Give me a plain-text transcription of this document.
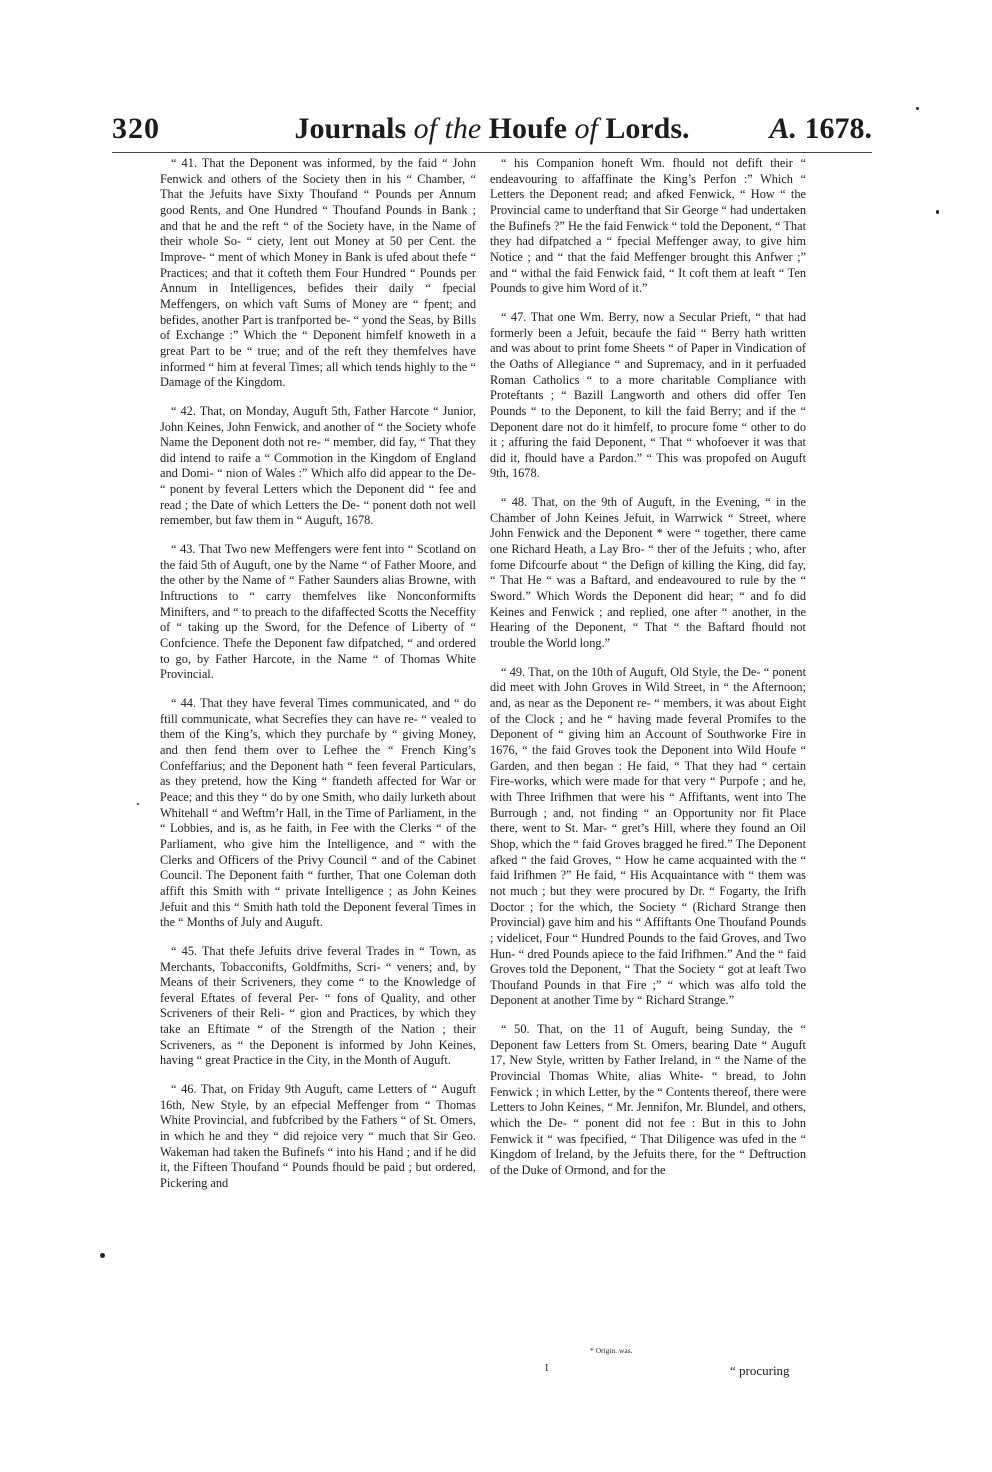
320	Journals of the Houfe of Lords.	A. 1678.

“ 41. That the Deponent was informed, by the faid “ John Fenwick and others of the Society then in his “ Chamber, “ That the Jefuits have Sixty Thoufand “ Pounds per Annum good Rents, and One Hundred “ Thoufand Pounds in Bank ; and that he and the reft “ of the Society have, in the Name of their whole So- “ ciety, lent out Money at 50 per Cent. the Improve- “ ment of which Money in Bank is ufed about thefe “ Practices; and that it cofteth them Four Hundred “ Pounds per Annum in Intelligences, befides their daily “ fpecial Meffengers, on which vaft Sums of Money are “ fpent; and befides, another Part is tranfported be- “ yond the Seas, by Bills of Exchange :” Which the “ Deponent himfelf knoweth in a great Part to be “ true; and of the reft they themfelves have informed “ him at feveral Times; all which tends highly to the “ Damage of the Kingdom.

“ 42. That, on Monday, Auguft 5th, Father Harcote “ Junior, John Keines, John Fenwick, and another of “ the Society whofe Name the Deponent doth not re- “ member, did fay, “ That they did intend to raife a “ Commotion in the Kingdom of England and Domi- “ nion of Wales :” Which alfo did appear to the De- “ ponent by feveral Letters which the Deponent did “ fee and read ; the Date of which Letters the De- “ ponent doth not well remember, but faw them in “ Auguft, 1678.

“ 43. That Two new Meffengers were fent into “ Scotland on the faid 5th of Auguft, one by the Name “ of Father Moore, and the other by the Name of “ Father Saunders alias Browne, with Inftructions to “ carry themfelves like Nonconformifts Minifters, and “ to preach to the difaffected Scotts the Neceffity of “ taking up the Sword, for the Defence of Liberty of “ Confcience. Thefe the Deponent faw difpatched, “ and ordered to go, by Father Harcote, in the Name “ of Thomas White Provincial.

“ 44. That they have feveral Times communicated, and “ do ftill communicate, what Secrefies they can have re- “ vealed to them of the King’s, which they purchafe by “ giving Money, and then fend them over to Lefhee the “ French King’s Confeffarius; and the Deponent hath “ feen feveral Particulars, as they pretend, how the King “ ftandeth affected for War or Peace; and this they “ do by one Smith, who daily lurketh about Whitehall “ and Weftm’r Hall, in the Time of Parliament, in the “ Lobbies, and is, as he faith, in Fee with the Clerks “ of the Parliament, who give him the Intelligence, and “ with the Clerks and Officers of the Privy Council “ and of the Cabinet Council. The Deponent faith “ further, That one Coleman doth affift this Smith with “ private Intelligence ; as John Keines Jefuit and this “ Smith hath told the Deponent feveral Times in the “ Months of July and Auguft.

“ 45. That thefe Jefuits drive feveral Trades in “ Town, as Merchants, Tobacconifts, Goldfmiths, Scri- “ veners; and, by Means of their Scriveners, they come “ to the Knowledge of feveral Eftates of feveral Per- “ fons of Quality, and other Scriveners of their Reli- “ gion and Practices, by which they take an Eftimate “ of the Strength of the Nation ; their Scriveners, as “ the Deponent is informed by John Keines, having “ great Practice in the City, in the Month of Auguft.

“ 46. That, on Friday 9th Auguft, came Letters of “ Auguft 16th, New Style, by an efpecial Meffenger from “ Thomas White Provincial, and fubfcribed by the Fathers “ of St. Omers, in which he and they “ did rejoice very “ much that Sir Geo. Wakeman had taken the Bufinefs “ into his Hand ; and if he did it, the Fifteen Thoufand “ Pounds fhould be paid ; but ordered, Pickering and

“ his Companion honeft Wm. fhould not defift their “ endeavouring to affaffinate the King’s Perfon :” Which “ Letters the Deponent read; and afked Fenwick, “ How “ the Provincial came to underftand that Sir George “ had undertaken the Bufinefs ?” He the faid Fenwick “ told the Deponent, “ That they had difpatched a “ fpecial Meffenger away, to give him Notice ; and “ that the faid Meffenger brought this Anfwer ;” and “ withal the faid Fenwick faid, “ It coft them at leaft “ Ten Pounds to give him Word of it.”

“ 47. That one Wm. Berry, now a Secular Prieft, “ that had formerly been a Jefuit, becaufe the faid “ Berry hath written and was about to print fome Sheets “ of Paper in Vindication of the Oaths of Allegiance “ and Supremacy, and in it perfuaded Roman Catholics “ to a more charitable Compliance with Proteftants ; “ Bazill Langworth and others did offer Ten Pounds “ to the Deponent, to kill the faid Berry; and if the “ Deponent dare not do it himfelf, to procure fome “ other to do it ; affuring the faid Deponent, “ That “ whofoever it was that did it, fhould have a Pardon.” “ This was propofed on Auguft 9th, 1678.

“ 48. That, on the 9th of Auguft, in the Evening, “ in the Chamber of John Keines Jefuit, in Warrwick “ Street, where John Fenwick and the Deponent * were “ together, there came one Richard Heath, a Lay Bro- “ ther of the Jefuits ; who, after fome Difcourfe about “ the Defign of killing the King, did fay, “ That He “ was a Baftard, and endeavoured to rule by the “ Sword.” Which Words the Deponent did hear; “ and fo did Keines and Fenwick ; and replied, one after “ another, in the Hearing of the Deponent, “ That “ the Baftard fhould not trouble the World long.”

“ 49. That, on the 10th of Auguft, Old Style, the De- “ ponent did meet with John Groves in Wild Street, in “ the Afternoon; and, as near as the Deponent re- “ members, it was about Eight of the Clock ; and he “ having made feveral Promifes to the Deponent of “ giving him an Account of Southworke Fire in 1676, “ the faid Groves took the Deponent into Wild Houfe “ Garden, and then began : He faid, “ That they had “ certain Fire-works, which were made for that very “ Purpofe ; and he, with Three Irifhmen that were his “ Affiftants, went into The Burrough ; and, not finding “ an Opportunity nor fit Place there, went to St. Mar- “ gret’s Hill, where they found an Oil Shop, which the “ faid Groves bragged he fired.” The Deponent afked “ the faid Groves, “ How he came acquainted with the “ faid Irifhmen ?” He faid, “ His Acquaintance with “ them was not much ; but they were procured by Dr. “ Fogarty, the Irifh Doctor ; for the which, the Society “ (Richard Strange then Provincial) gave him and his “ Affiftants One Thoufand Pounds ; videlicet, Four “ Hundred Pounds to the faid Groves, and Two Hun- “ dred Pounds apiece to the faid Irifhmen.” And the “ faid Groves told the Deponent, “ That the Society “ got at leaft Two Thoufand Pounds in that Fire ;” “ which was alfo told the Deponent at another Time by “ Richard Strange.”

“ 50. That, on the 11 of Auguft, being Sunday, the “ Deponent faw Letters from St. Omers, bearing Date “ Auguft 17, New Style, written by Father Ireland, in “ the Name of the Provincial Thomas White, alias White- “ bread, to John Fenwick ; in which Letter, by the “ Contents thereof, there were Letters to John Keines, “ Mr. Jennifon, Mr. Blundel, and others, which the De- “ ponent did not fee : But in this to John Fenwick it “ was fpecified, “ That Diligence was ufed in the “ Kingdom of Ireland, by the Jefuits there, for the “ Deftruction of the Duke of Ormond, and for the

* Origin. was.
I	“ procuring
